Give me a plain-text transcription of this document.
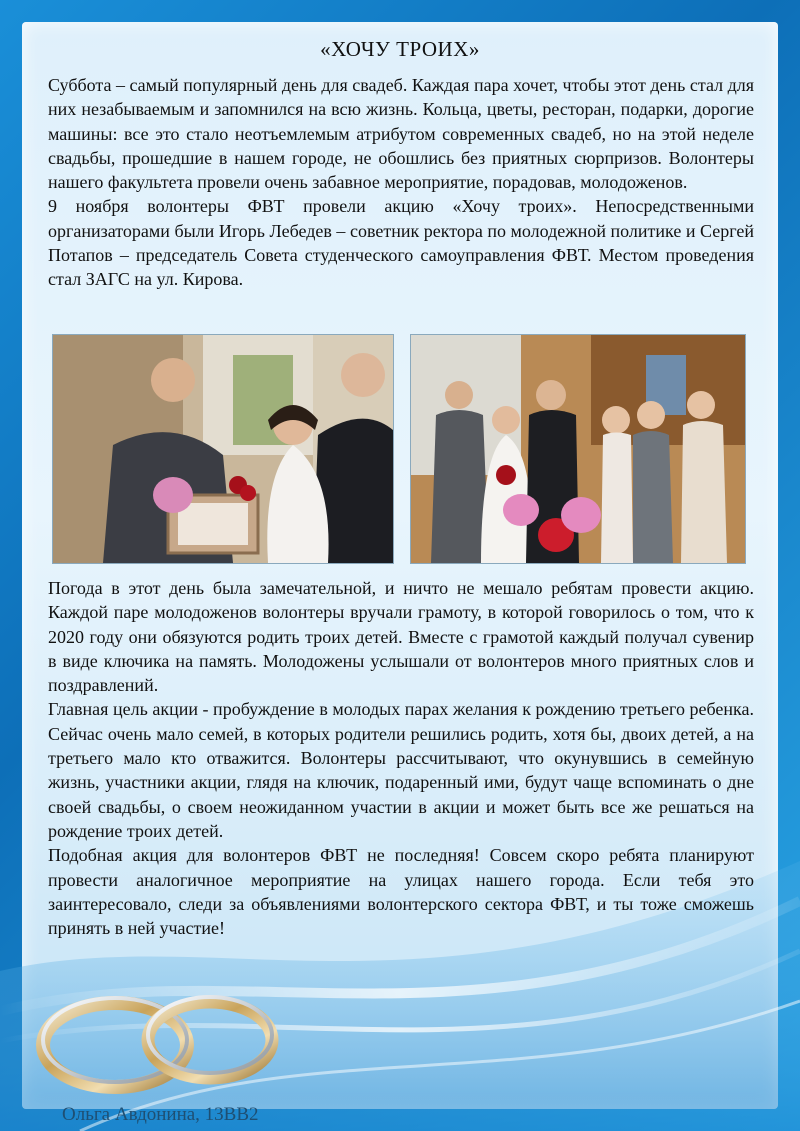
«ХОЧУ ТРОИХ»

Суббота – самый популярный день для свадеб. Каждая пара хочет, чтобы этот день стал для них незабываемым и запомнился на всю жизнь. Кольца, цветы, ресторан, подарки, дорогие машины: все это стало неотъемлемым атрибутом современных свадеб, но на этой неделе свадьбы, прошедшие в нашем городе, не обошлись без приятных сюрпризов. Волонтеры нашего факультета провели очень забавное мероприятие, порадовав, молодоженов.

9 ноября волонтеры ФВТ провели акцию «Хочу троих». Непосредственными организаторами были Игорь Лебедев – советник ректора по молодежной политике и Сергей Потапов – председатель Совета студенческого самоуправления ФВТ. Местом проведения стал ЗАГС на ул. Кирова.

Погода в этот день была замечательной, и ничто не мешало ребятам провести акцию. Каждой паре молодоженов волонтеры вручали грамоту, в которой говорилось о том, что к 2020 году они обязуются родить троих детей. Вместе с грамотой каждый получал сувенир в виде ключика на память. Молодожены услышали от волонтеров много приятных слов и поздравлений.

Главная цель акции - пробуждение в молодых парах желания к рождению третьего ребенка. Сейчас очень мало семей, в которых родители решились родить, хотя бы, двоих детей, а на третьего мало кто отважится. Волонтеры рассчитывают, что окунувшись в семейную жизнь, участники акции, глядя на ключик, подаренный ими, будут чаще вспоминать о дне своей свадьбы, о своем неожиданном участии в акции и может быть все же решаться на рождение троих детей.

Подобная акция для волонтеров ФВТ не последняя! Совсем скоро ребята планируют провести аналогичное мероприятие на улицах нашего города. Если тебя это заинтересовало, следи за объявлениями волонтерского сектора ФВТ, и ты тоже сможешь принять в ней участие!

Ольга Авдонина, 13ВВ2
